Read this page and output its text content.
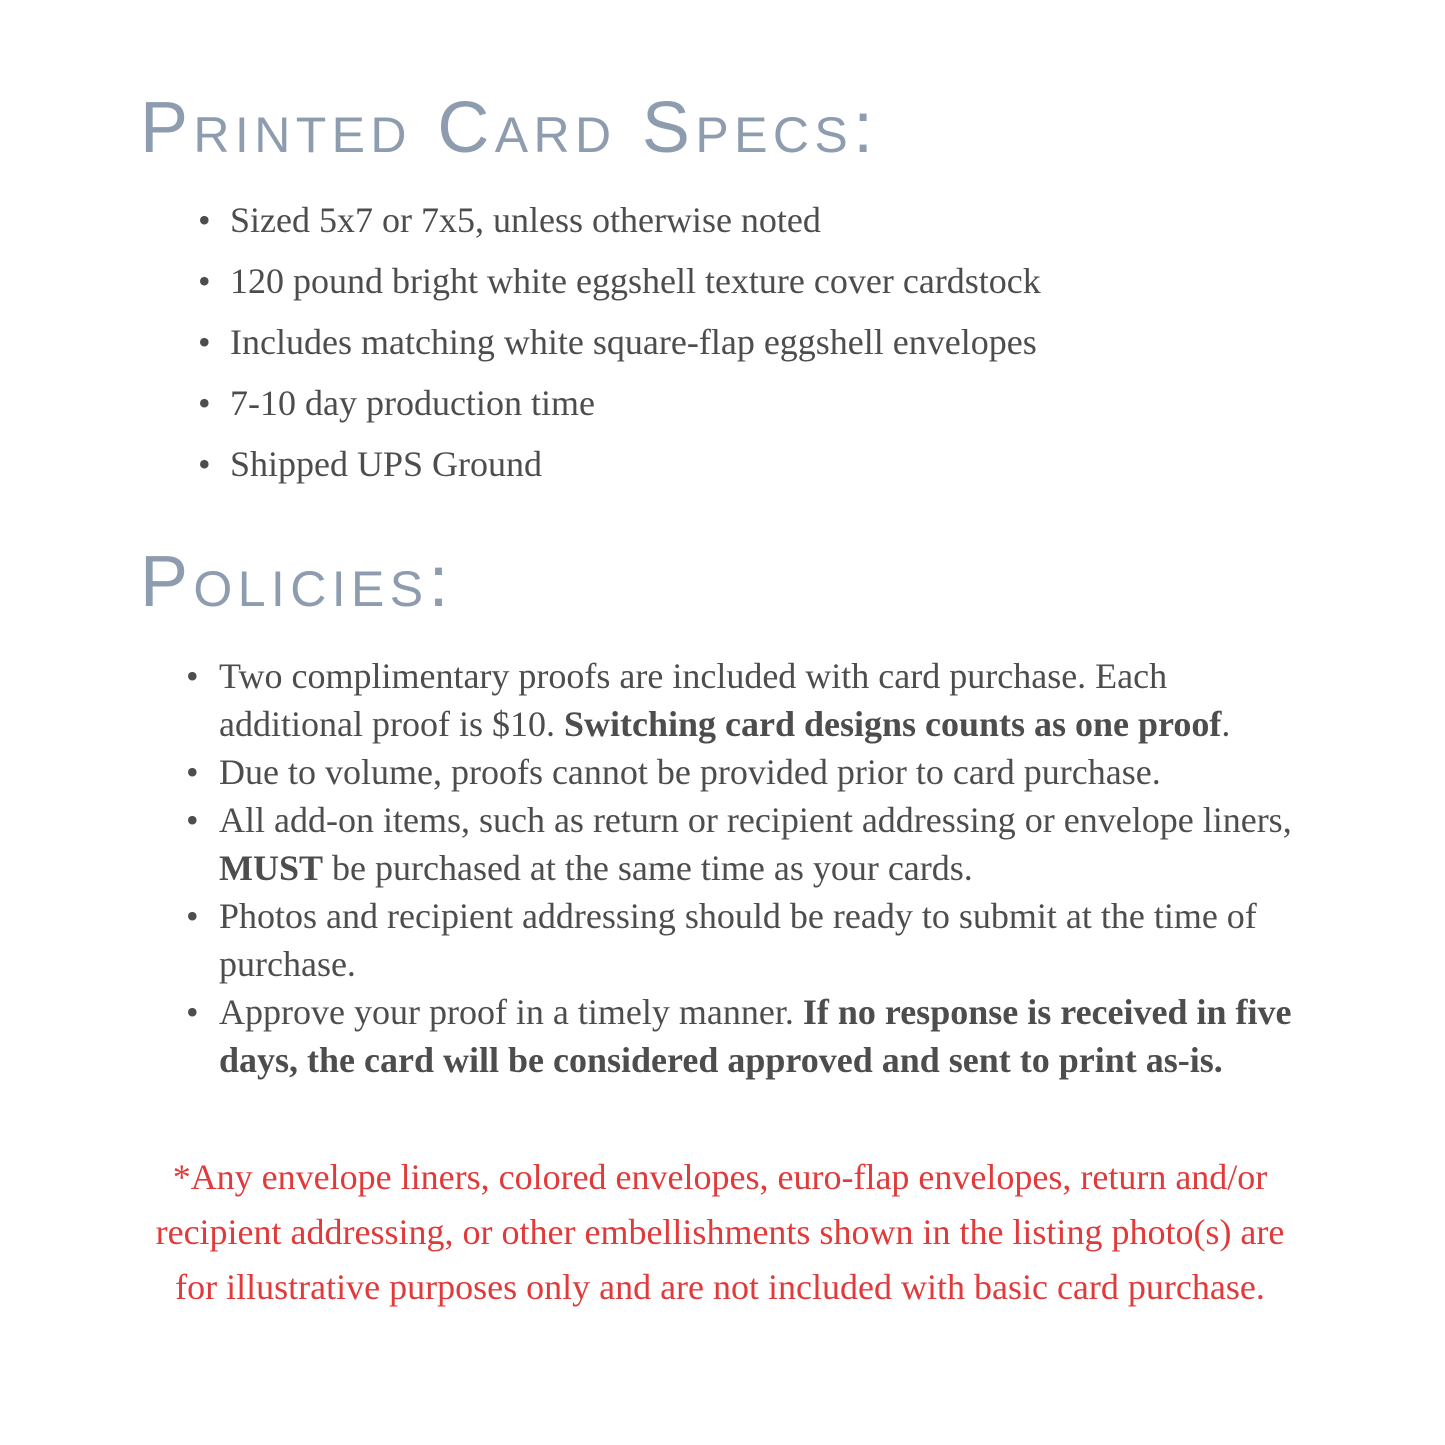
Printed Card Specs:
• Sized 5x7 or 7x5, unless otherwise noted
• 120 pound bright white eggshell texture cover cardstock
• Includes matching white square-flap eggshell envelopes
• 7-10 day production time
• Shipped UPS Ground
Policies:
• Two complimentary proofs are included with card purchase. Each additional proof is $10. Switching card designs counts as one proof.
• Due to volume, proofs cannot be provided prior to card purchase.
• All add-on items, such as return or recipient addressing or envelope liners, MUST be purchased at the same time as your cards.
• Photos and recipient addressing should be ready to submit at the time of purchase.
• Approve your proof in a timely manner. If no response is received in five days, the card will be considered approved and sent to print as-is.

*Any envelope liners, colored envelopes, euro-flap envelopes, return and/or recipient addressing, or other embellishments shown in the listing photo(s) are for illustrative purposes only and are not included with basic card purchase.
